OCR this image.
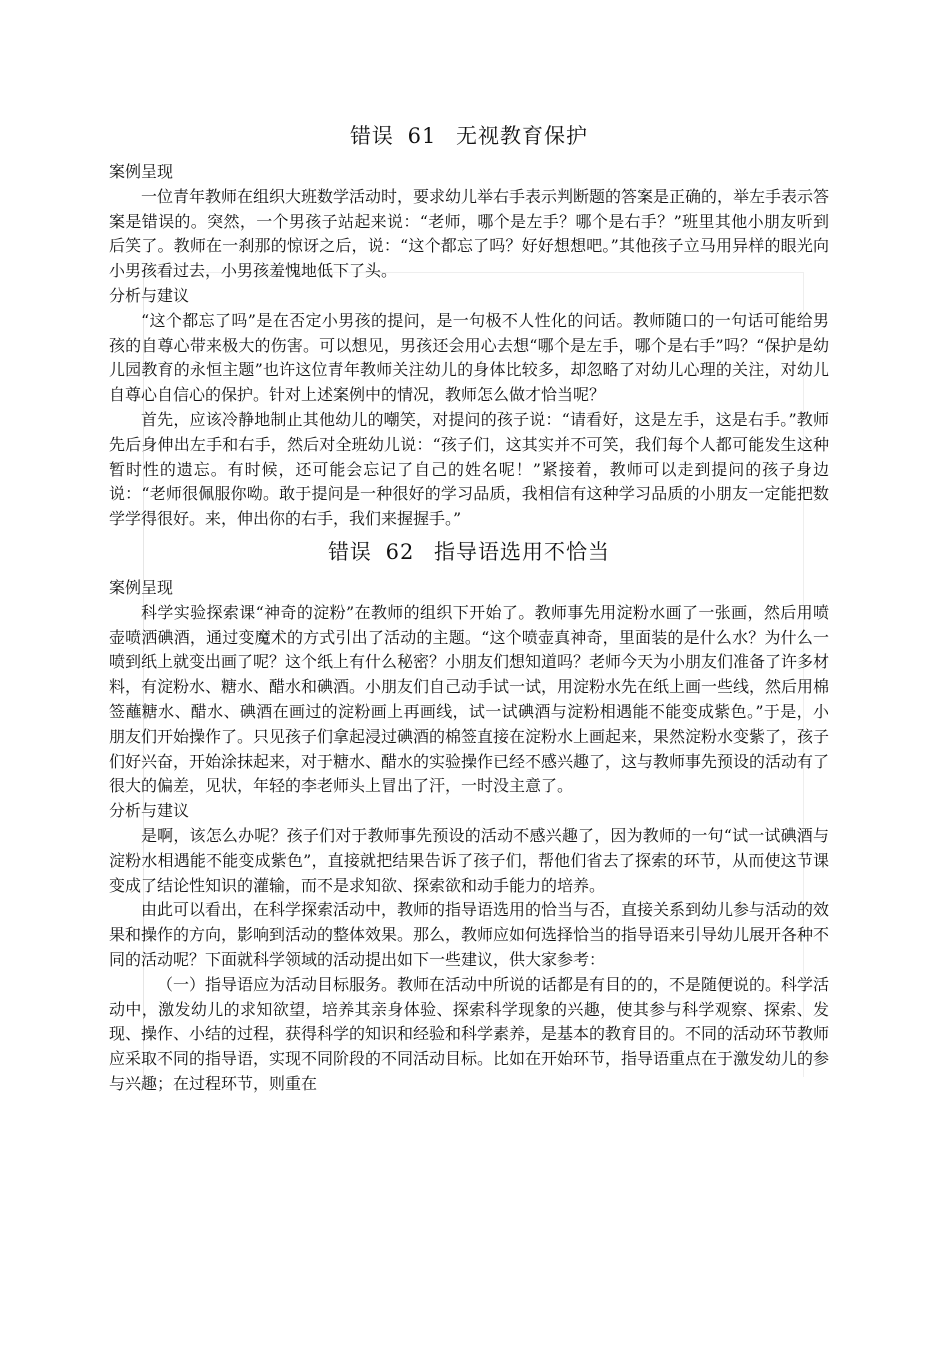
错误 61 无视教育保护
案例呈现

一位青年教师在组织大班数学活动时，要求幼儿举右手表示判断题的答案是正确的，举左手表示答案是错误的。突然，一个男孩子站起来说：“老师，哪个是左手？哪个是右手？”班里其他小朋友听到后笑了。教师在一刹那的惊讶之后，说：“这个都忘了吗？好好想想吧。”其他孩子立马用异样的眼光向小男孩看过去，小男孩羞愧地低下了头。

分析与建议

“这个都忘了吗”是在否定小男孩的提问，是一句极不人性化的问话。教师随口的一句话可能给男孩的自尊心带来极大的伤害。可以想见，男孩还会用心去想“哪个是左手，哪个是右手”吗？“保护是幼儿园教育的永恒主题”也许这位青年教师关注幼儿的身体比较多，却忽略了对幼儿心理的关注，对幼儿自尊心自信心的保护。针对上述案例中的情况，教师怎么做才恰当呢？

首先，应该冷静地制止其他幼儿的嘲笑，对提问的孩子说：“请看好，这是左手，这是右手。”教师先后身伸出左手和右手，然后对全班幼儿说：“孩子们，这其实并不可笑，我们每个人都可能发生这种暂时性的遗忘。有时候，还可能会忘记了自己的姓名呢！”紧接着，教师可以走到提问的孩子身边说：“老师很佩服你呦。敢于提问是一种很好的学习品质，我相信有这种学习品质的小朋友一定能把数学学得很好。来，伸出你的右手，我们来握握手。”

错误 62 指导语选用不恰当
案例呈现

科学实验探索课“神奇的淀粉”在教师的组织下开始了。教师事先用淀粉水画了一张画，然后用喷壶喷洒碘酒，通过变魔术的方式引出了活动的主题。“这个喷壶真神奇，里面装的是什么水？为什么一喷到纸上就变出画了呢？这个纸上有什么秘密？小朋友们想知道吗？老师今天为小朋友们准备了许多材料，有淀粉水、糖水、醋水和碘酒。小朋友们自己动手试一试，用淀粉水先在纸上画一些线，然后用棉签蘸糖水、醋水、碘酒在画过的淀粉画上再画线，试一试碘酒与淀粉相遇能不能变成紫色。”于是，小朋友们开始操作了。只见孩子们拿起浸过碘酒的棉签直接在淀粉水上画起来，果然淀粉水变紫了，孩子们好兴奋，开始涂抹起来，对于糖水、醋水的实验操作已经不感兴趣了，这与教师事先预设的活动有了很大的偏差，见状，年轻的李老师头上冒出了汗，一时没主意了。

分析与建议

是啊，该怎么办呢？孩子们对于教师事先预设的活动不感兴趣了，因为教师的一句“试一试碘酒与淀粉水相遇能不能变成紫色”，直接就把结果告诉了孩子们，帮他们省去了探索的环节，从而使这节课变成了结论性知识的灌输，而不是求知欲、探索欲和动手能力的培养。

由此可以看出，在科学探索活动中，教师的指导语选用的恰当与否，直接关系到幼儿参与活动的效果和操作的方向，影响到活动的整体效果。那么，教师应如何选择恰当的指导语来引导幼儿展开各种不同的活动呢？下面就科学领域的活动提出如下一些建议，供大家参考：

（一）指导语应为活动目标服务。教师在活动中所说的话都是有目的的，不是随便说的。科学活动中，激发幼儿的求知欲望，培养其亲身体验、探索科学现象的兴趣，使其参与科学观察、探索、发现、操作、小结的过程，获得科学的知识和经验和科学素养，是基本的教育目的。不同的活动环节教师应采取不同的指导语，实现不同阶段的不同活动目标。比如在开始环节，指导语重点在于激发幼儿的参与兴趣；在过程环节，则重在
